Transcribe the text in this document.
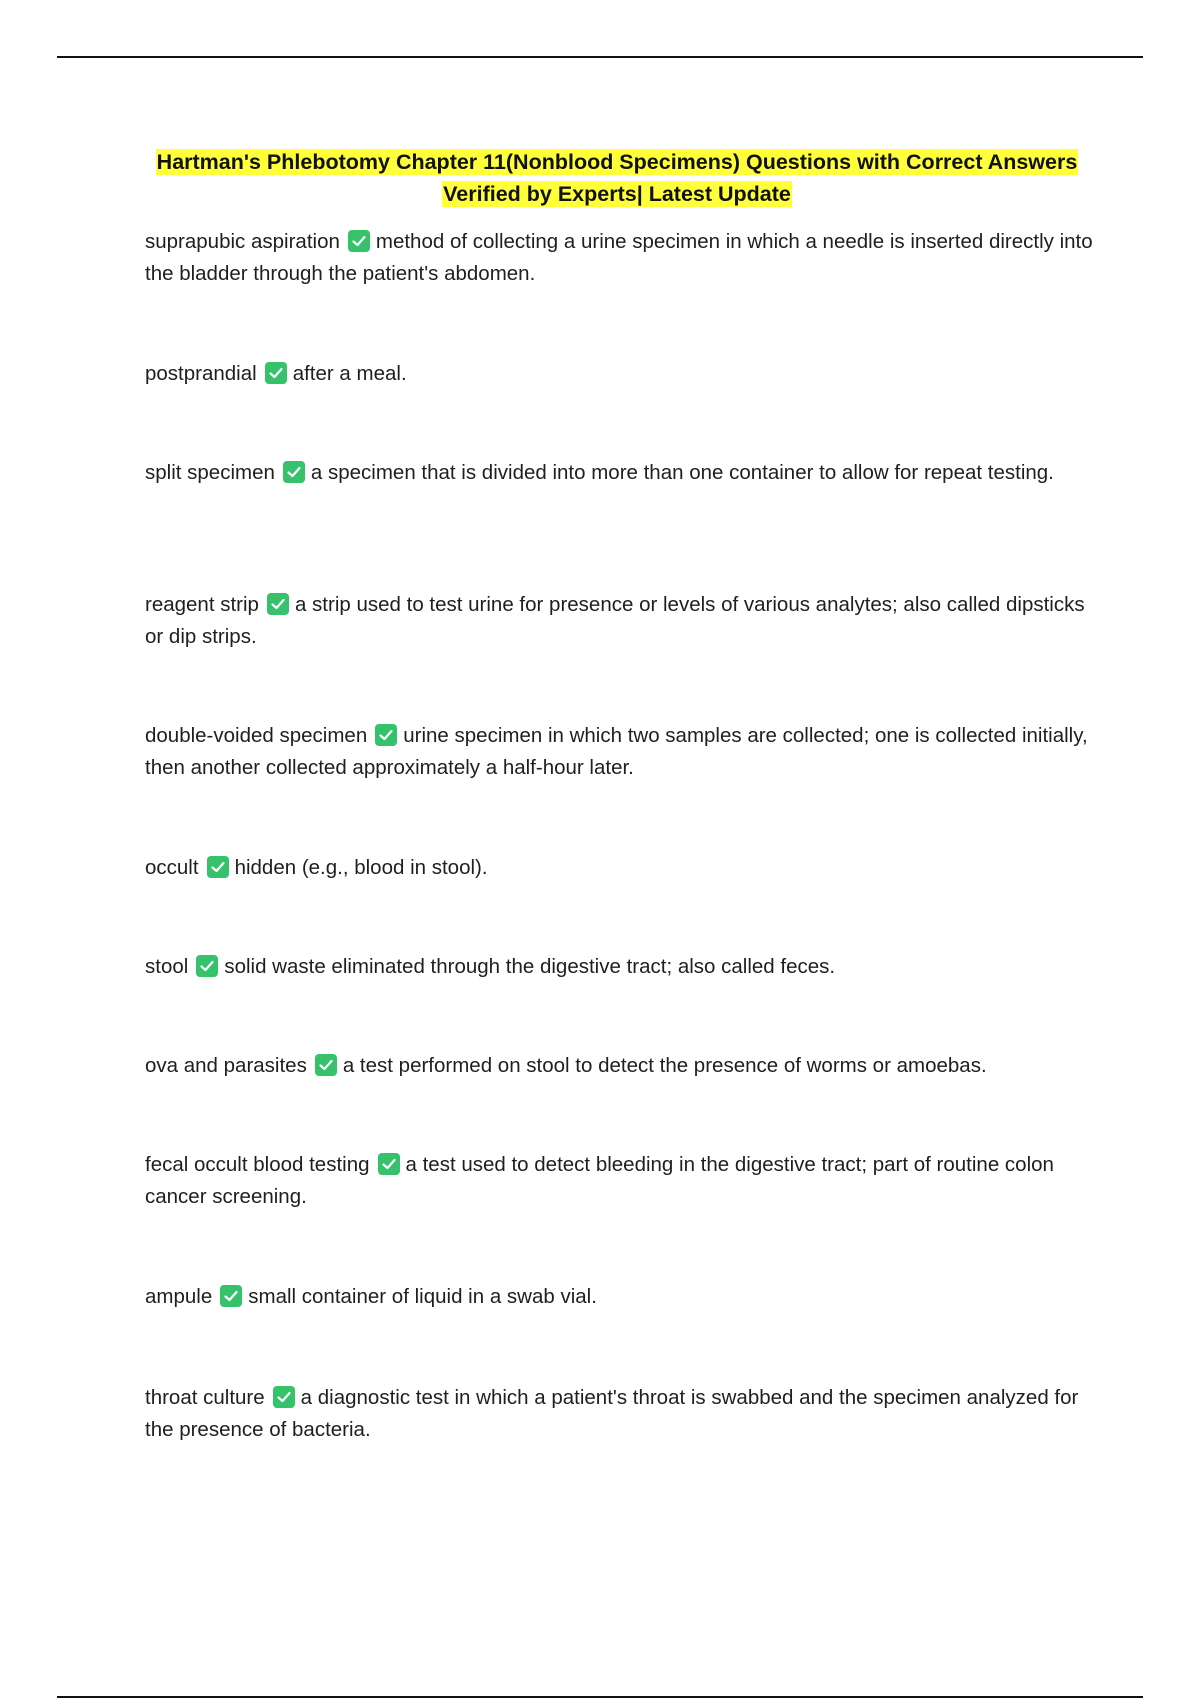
Hartman's Phlebotomy Chapter 11(Nonblood Specimens) Questions with Correct Answers
Verified by Experts| Latest Update
suprapubic aspiration method of collecting a urine specimen in which a needle is inserted directly into the bladder through the patient's abdomen.
postprandial after a meal.
split specimen a specimen that is divided into more than one container to allow for repeat testing.
reagent strip a strip used to test urine for presence or levels of various analytes; also called dipsticks or dip strips.
double-voided specimen urine specimen in which two samples are collected; one is collected initially, then another collected approximately a half-hour later.
occult hidden (e.g., blood in stool).
stool solid waste eliminated through the digestive tract; also called feces.
ova and parasites a test performed on stool to detect the presence of worms or amoebas.
fecal occult blood testing a test used to detect bleeding in the digestive tract; part of routine colon cancer screening.
ampule small container of liquid in a swab vial.
throat culture a diagnostic test in which a patient's throat is swabbed and the specimen analyzed for the presence of bacteria.
